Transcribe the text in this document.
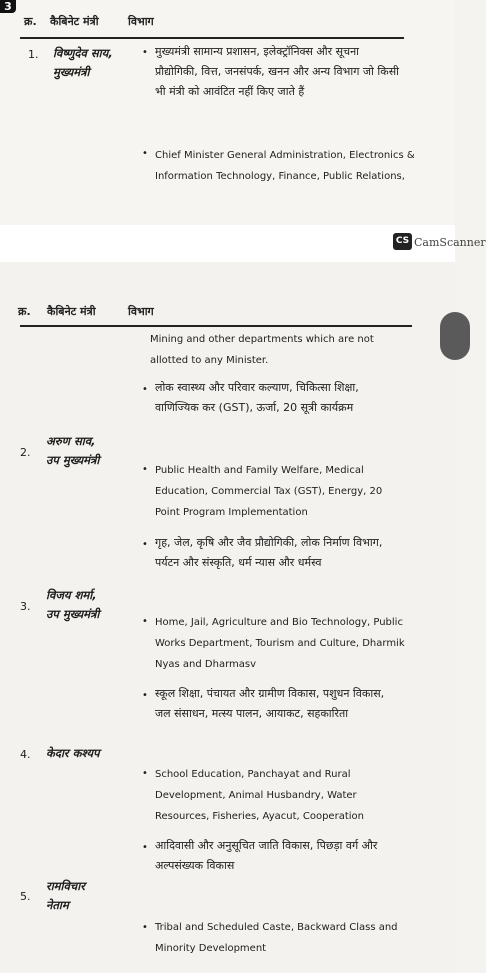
3
क्र. कैबिनेट मंत्री	विभाग
1. विष्णुदेव साय,
मुख्यमंत्री
• मुख्यमंत्री सामान्य प्रशासन, इलेक्ट्रॉनिक्स और सूचना
प्रौद्योगिकी, वित्त, जनसंपर्क, खनन और अन्य विभाग जो किसी
भी मंत्री को आवंटित नहीं किए जाते हैं
• Chief Minister General Administration, Electronics &
Information Technology, Finance, Public Relations,
CS CamScanner
क्र. कैबिनेट मंत्री	विभाग
Mining and other departments which are not
allotted to any Minister.
• लोक स्वास्थ्य और परिवार कल्याण, चिकित्सा शिक्षा,
वाणिज्यिक कर (GST), ऊर्जा, 20 सूत्री कार्यक्रम
अरुण साव,
उप मुख्यमंत्री
2.
• Public Health and Family Welfare, Medical
Education, Commercial Tax (GST), Energy, 20
Point Program Implementation
• गृह, जेल, कृषि और जैव प्रौद्योगिकी, लोक निर्माण विभाग,
पर्यटन और संस्कृति, धर्म न्यास और धर्मस्व
विजय शर्मा,
उप मुख्यमंत्री
3.
• Home, Jail, Agriculture and Bio Technology, Public
Works Department, Tourism and Culture, Dharmik
Nyas and Dharmasv
• स्कूल शिक्षा, पंचायत और ग्रामीण विकास, पशुधन विकास,
जल संसाधन, मत्स्य पालन, आयाकट, सहकारिता
4. केदार कश्यप
• School Education, Panchayat and Rural
Development, Animal Husbandry, Water
Resources, Fisheries, Ayacut, Cooperation
• आदिवासी और अनुसूचित जाति विकास, पिछड़ा वर्ग और
अल्पसंख्यक विकास
रामविचार
नेताम
5.
• Tribal and Scheduled Caste, Backward Class and
Minority Development
